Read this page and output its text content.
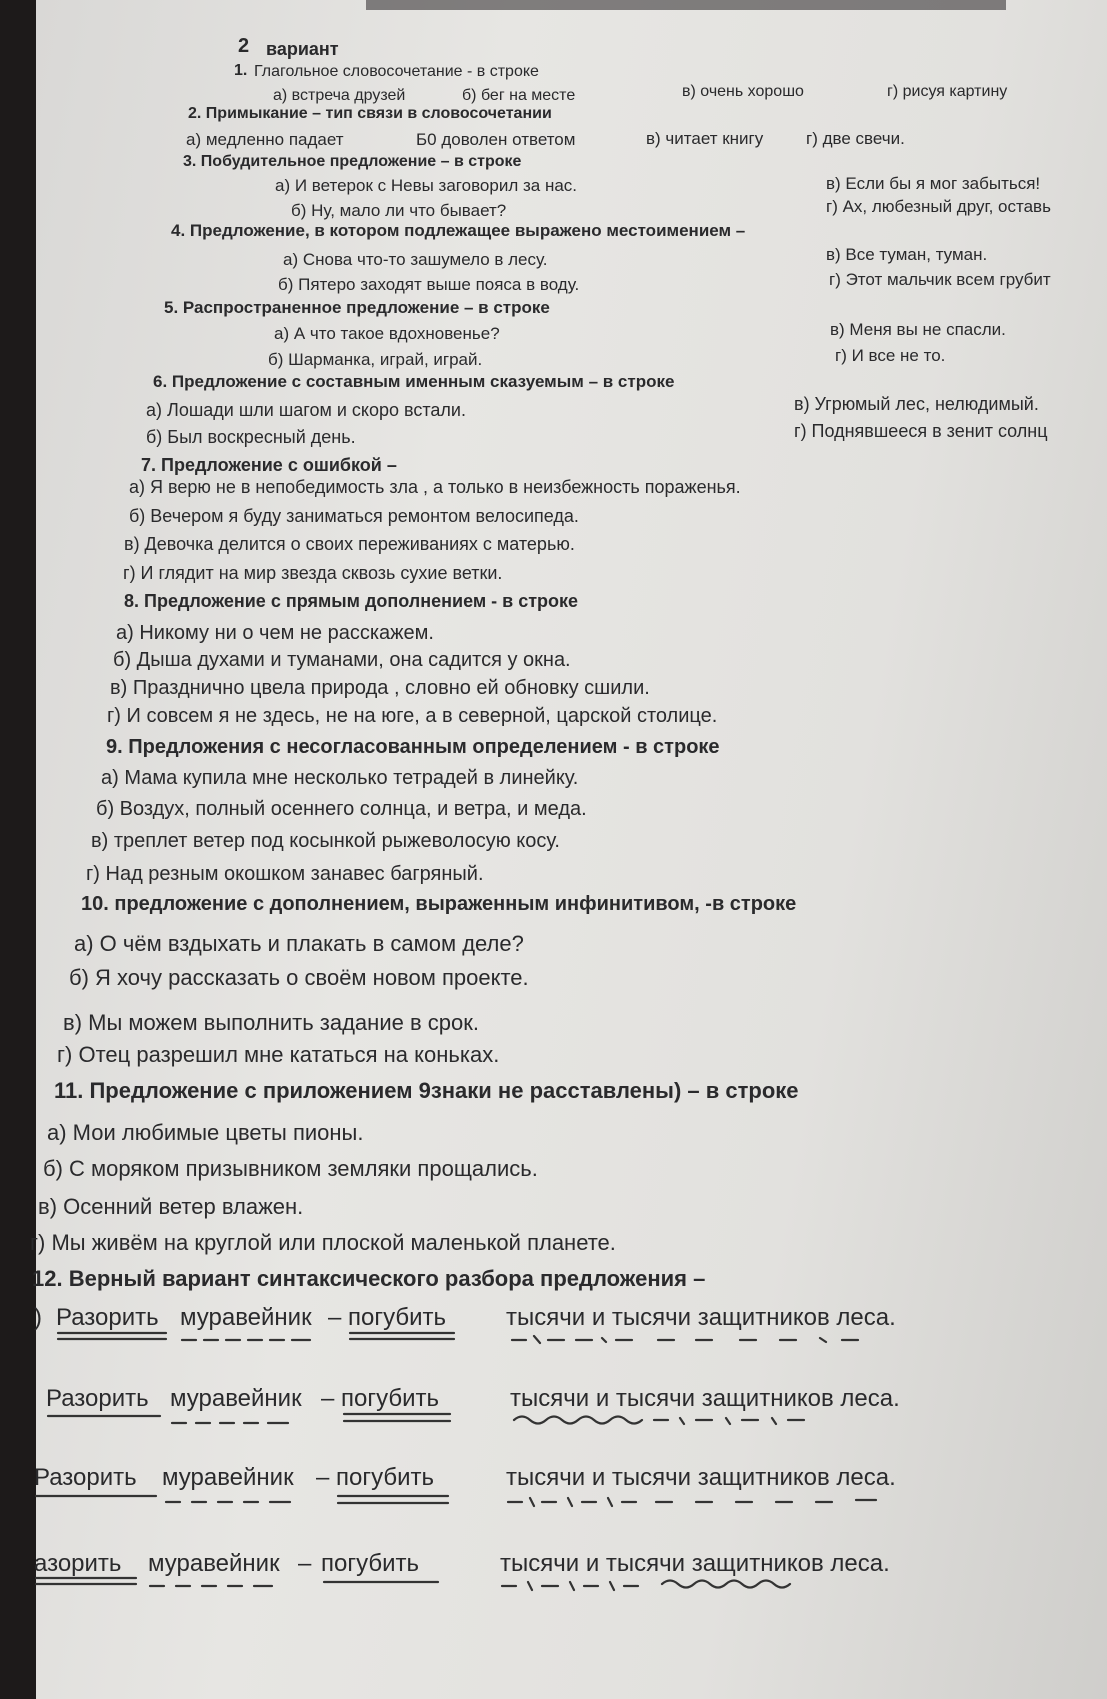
2 вариант
1. Глагольное словосочетание - в строке
а) встреча друзей	б) бег на месте	в) очень хорошо	г) рисуя картину
2. Примыкание – тип связи в словосочетании
а) медленно падает	Б0 доволен ответом	в) читает книгу	г) две свечи.
3. Побудительное предложение – в строке
а) И ветерок с Невы заговорил за нас.
б) Ну, мало ли что бывает?
в) Если бы я мог забыться!
г) Ах, любезный друг, оставь
4. Предложение, в котором подлежащее выражено местоимением –
а) Снова что-то зашумело в лесу.
б) Пятеро заходят выше пояса в воду.
в) Все туман, туман.
г) Этот мальчик всем грубит
5. Распространенное предложение – в строке
а) А что такое вдохновенье?
б) Шарманка, играй, играй.
в) Меня вы не спасли.
г) И все не то.
6. Предложение с составным именным сказуемым – в строке
а) Лошади шли шагом и скоро встали.
б) Был воскресный день.
в) Угрюмый лес, нелюдимый.
г) Поднявшееся в зенит солнц
7. Предложение с ошибкой –
а) Я верю не в непобедимость зла , а только в неизбежность пораженья.
б) Вечером я буду заниматься ремонтом велосипеда.
в) Девочка делится о своих переживаниях с матерью.
г) И глядит на мир звезда сквозь сухие ветки.
8. Предложение с прямым дополнением - в строке
а) Никому ни о чем не расскажем.
б) Дыша духами и туманами, она садится у окна.
в) Празднично цвела природа , словно ей обновку сшили.
г) И совсем я не здесь, не на юге, а в северной, царской столице.
9. Предложения с несогласованным определением - в строке
а) Мама купила мне несколько тетрадей в линейку.
б) Воздух, полный осеннего солнца, и ветра, и меда.
в) треплет ветер под косынкой рыжеволосую косу.
г) Над резным окошком занавес багряный.
10. предложение с дополнением, выраженным инфинитивом, -в строке
а) О чём вздыхать и плакать в самом деле?
б) Я хочу рассказать о своём новом проекте.
в) Мы можем выполнить задание в срок.
г) Отец разрешил мне кататься на коньках.
11. Предложение с приложением 9знаки не расставлены) – в строке
а) Мои любимые цветы пионы.
б) С моряком призывником земляки прощались.
в) Осенний ветер влажен.
г) Мы живём на круглой или плоской маленькой планете.
12. Верный вариант синтаксического разбора предложения –
) Разорить муравейник – погубить тысячи и тысячи защитников леса.
Разорить муравейник – погубить	тысячи и тысячи защитников леса.
Разорить муравейник – погубить	тысячи и тысячи защитников леса.
азорить муравейник – погубить	тысячи и тысячи защитников леса.
